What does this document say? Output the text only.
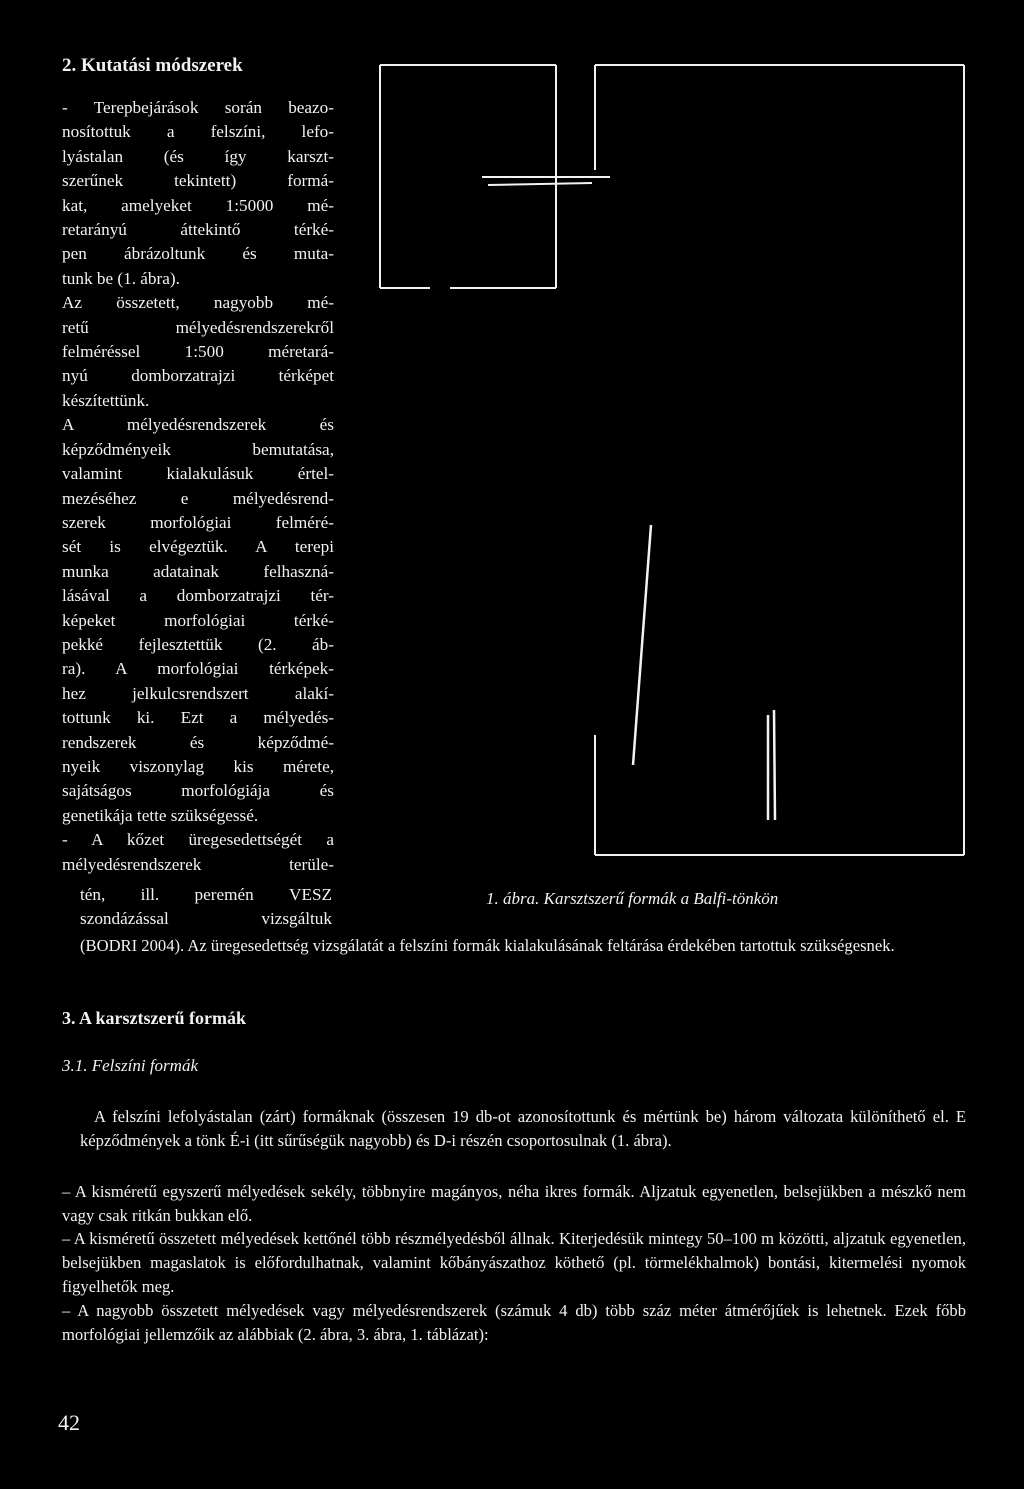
2. Kutatási módszerek
- Terepbejárások során beazo-
nosítottuk a felszíni, lefo-
lyástalan (és így karszt-
szerűnek tekintett) formá-
kat, amelyeket 1:5000 mé-
retarányú áttekintő térké-
pen ábrázoltunk és muta-
tunk be (1. ábra).
Az összetett, nagyobb mé-
retű mélyedésrendszerekről
felméréssel 1:500 méretará-
nyú domborzatrajzi térképet
készítettünk.
A mélyedésrendszerek és
képződményeik bemutatása,
valamint kialakulásuk értel-
mezéséhez e mélyedésrend-
szerek morfológiai felméré-
sét is elvégeztük. A terepi
munka adatainak felhaszná-
lásával a domborzatrajzi tér-
képeket morfológiai térké-
pekké fejlesztettük (2. áb-
ra). A morfológiai térképek-
hez jelkulcsrendszert alakí-
tottunk ki. Ezt a mélyedés-
rendszerek és képződmé-
nyeik viszonylag kis mérete,
sajátságos morfológiája és
genetikája tette szükségessé.
- A kőzet üregesedettségét a
mélyedésrendszerek terüle-
tén, ill. peremén VESZ
szondázással	vizsgáltuk
1. ábra. Karsztszerű formák a Balfi-tönkön
(BODRI 2004). Az üregesedettség vizsgálatát a felszíni formák kialakulásának feltárása érdekében tartottuk szükségesnek.
3. A karsztszerű formák
3.1. Felszíni formák
A felszíni lefolyástalan (zárt) formáknak (összesen 19 db-ot azonosítottunk és mértünk be) három változata különíthető el. E képződmények a tönk É-i (itt sűrűségük nagyobb) és D-i részén csoportosulnak (1. ábra).
– A kisméretű egyszerű mélyedések sekély, többnyire magányos, néha ikres formák. Aljzatuk egyenetlen, belsejükben a mészkő nem vagy csak ritkán bukkan elő.
– A kisméretű összetett mélyedések kettőnél több részmélyedésből állnak. Kiterjedésük mintegy 50–100 m közötti, aljzatuk egyenetlen, belsejükben magaslatok is előfordulhatnak, valamint kőbányászathoz köthető (pl. törmelékhalmok) bontási, kitermelési nyomok figyelhetők meg.
– A nagyobb összetett mélyedések vagy mélyedésrendszerek (számuk 4 db) több száz méter átmérőjűek is lehetnek. Ezek főbb morfológiai jellemzőik az alábbiak (2. ábra, 3. ábra, 1. táblázat):
42
